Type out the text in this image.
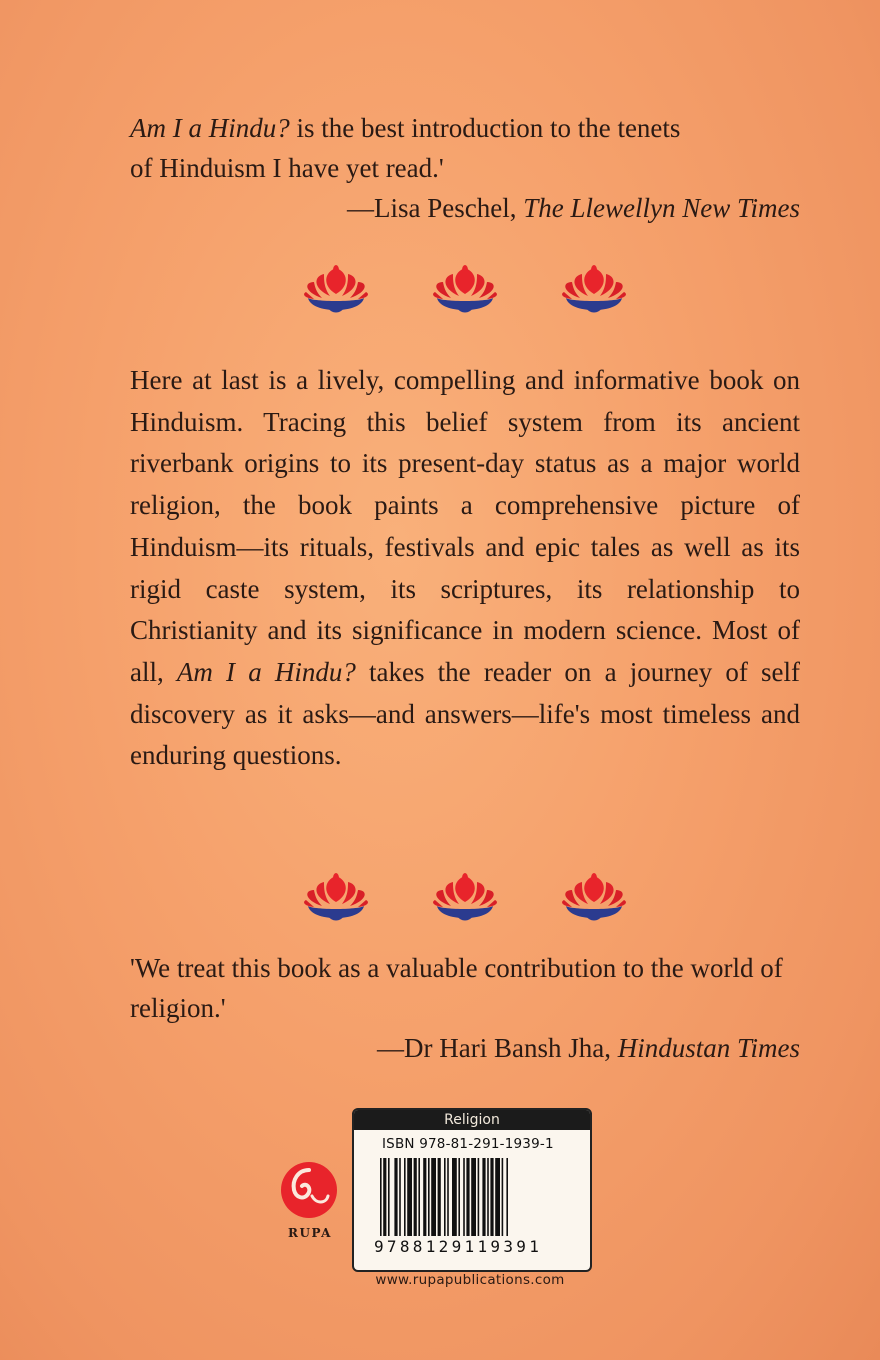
Am I a Hindu? is the best introduction to the tenets
of Hinduism I have yet read.'
—Lisa Peschel, The Llewellyn New Times
Here at last is a lively, compelling and informative book on Hinduism. Tracing this belief system from its ancient riverbank origins to its present-day status as a major world religion, the book paints a comprehensive picture of Hinduism—its rituals, festivals and epic tales as well as its rigid caste system, its scriptures, its relationship to Christianity and its significance in modern science. Most of all, Am I a Hindu? takes the reader on a journey of self discovery as it asks—and answers—life's most timeless and enduring questions.
'We treat this book as a valuable contribution to the world of religion.'
—Dr Hari Bansh Jha, Hindustan Times
RUPA
Religion
ISBN 978-81-291-1939-1
9788129119391
www.rupapublications.com
